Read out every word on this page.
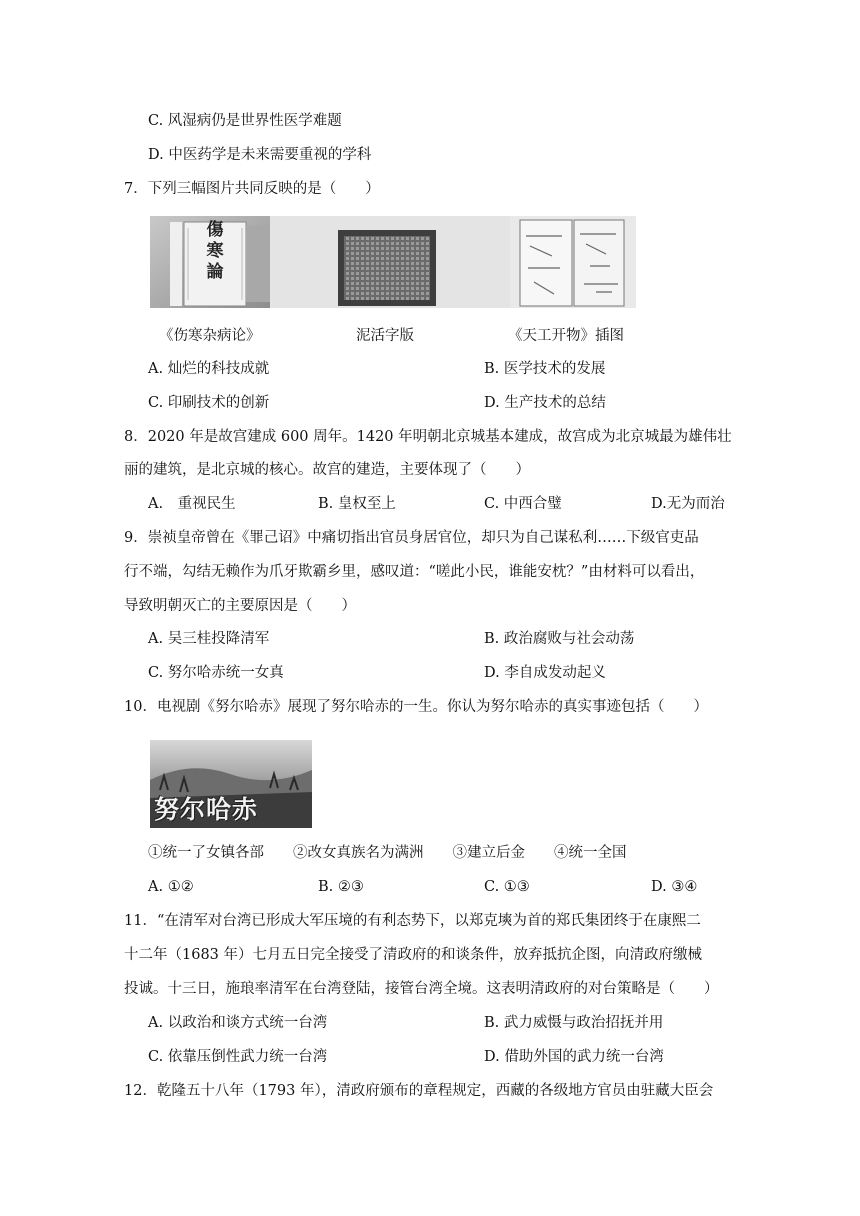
C. 风湿病仍是世界性医学难题
D. 中医药学是未来需要重视的学科
7．下列三幅图片共同反映的是（　　）
傷
寒
論
《伤寒杂病论》	泥活字版	《天工开物》插图
A. 灿烂的科技成就	B. 医学技术的发展
C. 印刷技术的创新	D. 生产技术的总结
8．2020 年是故宫建成 600 周年。1420 年明朝北京城基本建成，故宫成为北京城最为雄伟壮
丽的建筑，是北京城的核心。故宫的建造，主要体现了（　　）
A.　重视民生	B. 皇权至上	C. 中西合璧	D.无为而治
9．崇祯皇帝曾在《罪己诏》中痛切指出官员身居官位，却只为自己谋私利……下级官吏品
行不端，勾结无赖作为爪牙欺霸乡里，感叹道：“嗟此小民，谁能安枕？”由材料可以看出，
导致明朝灭亡的主要原因是（　　）
A. 吴三桂投降清军	B. 政治腐败与社会动荡
C. 努尔哈赤统一女真	D. 李自成发动起义
10．电视剧《努尔哈赤》展现了努尔哈赤的一生。你认为努尔哈赤的真实事迹包括（　　）
努尔哈赤
①统一了女镇各部　　②改女真族名为满洲　　③建立后金　　④统一全国
A. ①②	B. ②③	C. ①③	D. ③④
11．“在清军对台湾已形成大军压境的有利态势下，以郑克塽为首的郑氏集团终于在康熙二
十二年（1683 年）七月五日完全接受了清政府的和谈条件，放弃抵抗企图，向清政府缴械
投诚。十三日，施琅率清军在台湾登陆，接管台湾全境。这表明清政府的对台策略是（　　）
A. 以政治和谈方式统一台湾	B. 武力威慑与政治招抚并用
C. 依靠压倒性武力统一台湾	D. 借助外国的武力统一台湾
12．乾隆五十八年（1793 年），清政府颁布的章程规定，西藏的各级地方官员由驻藏大臣会
